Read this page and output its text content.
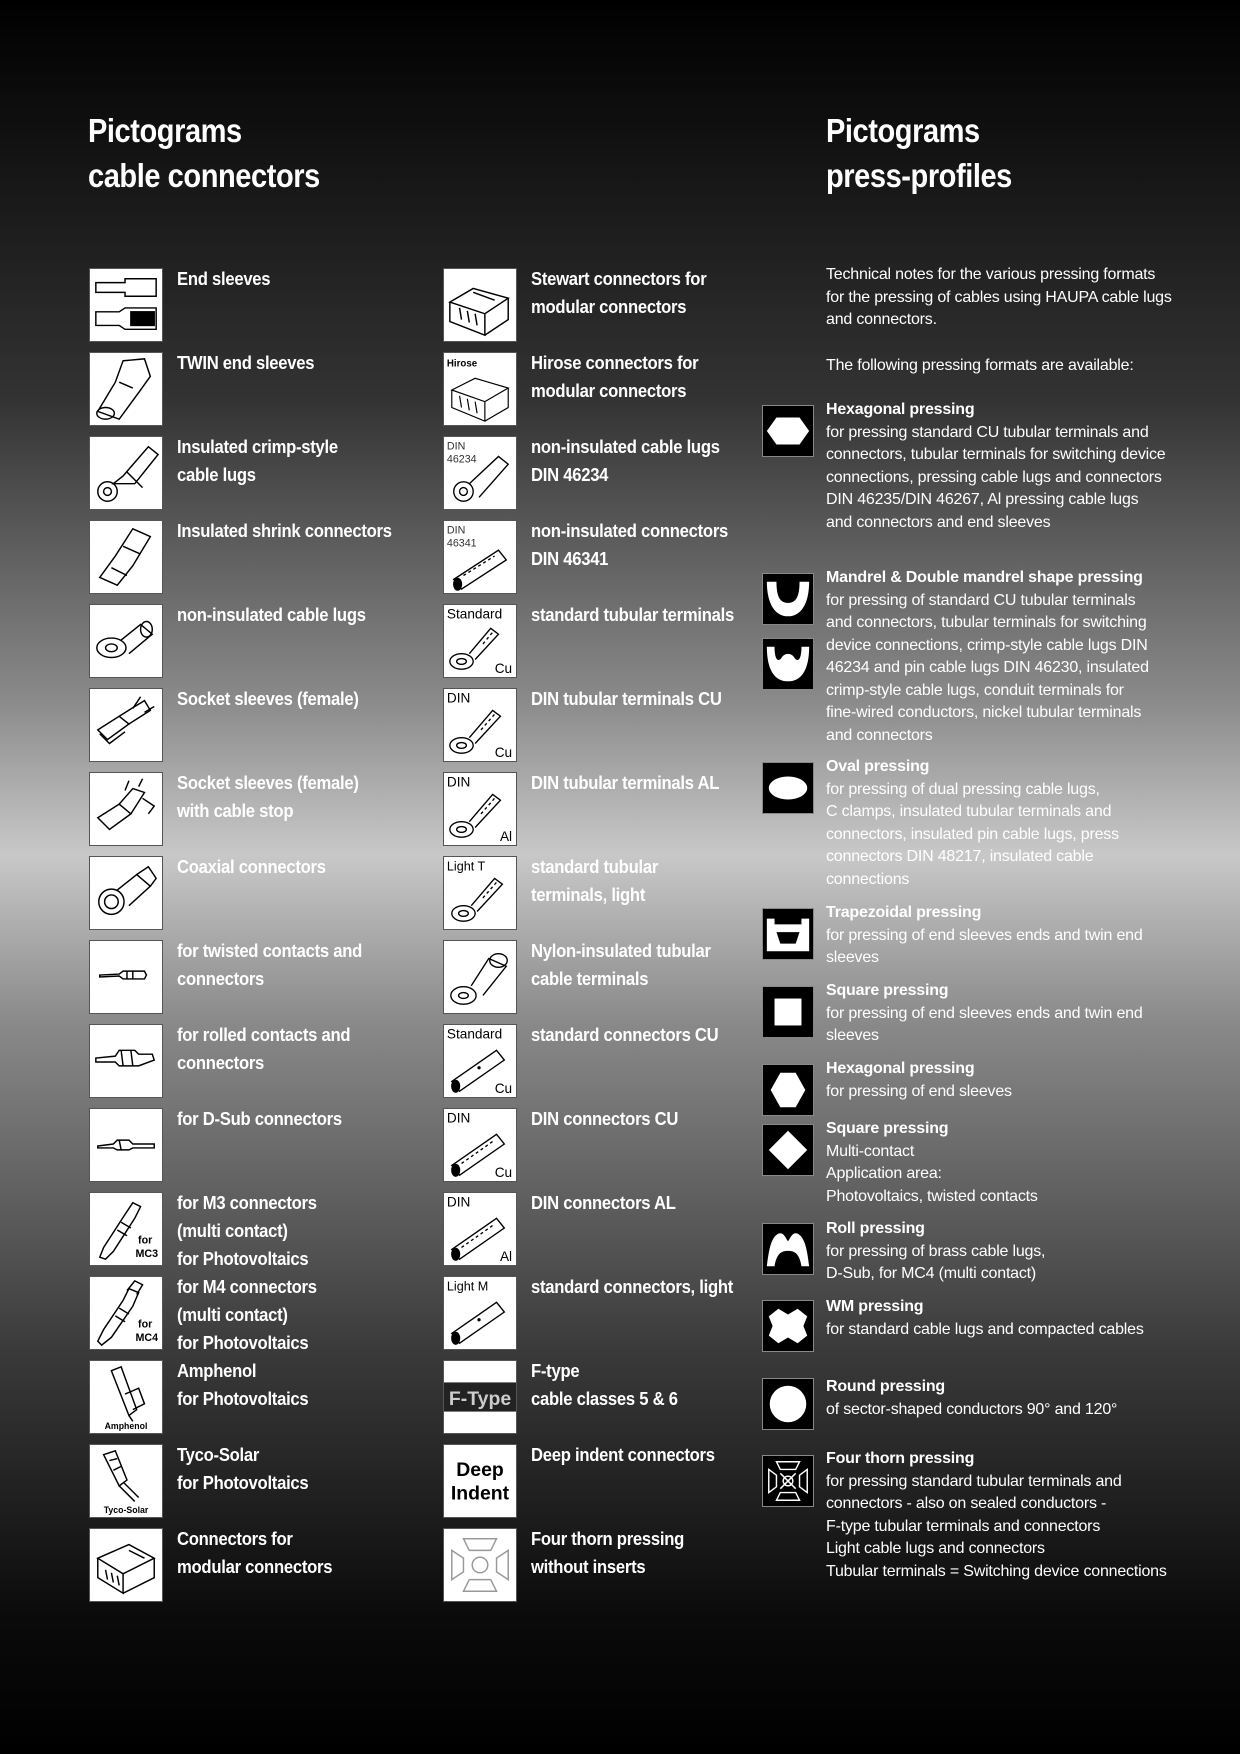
Pictograms
cable connectors
Pictograms
press-profiles
End sleeves
TWIN end sleeves
Insulated crimp-style
cable lugs
Insulated shrink connectors
non-insulated cable lugs
Socket sleeves (female)
Socket sleeves (female)
with cable stop
Coaxial connectors
for twisted contacts and
connectors
for rolled contacts and
connectors
for D-Sub connectors
for
MC3
for M3 connectors
(multi contact)
for Photovoltaics
for
MC4
for M4 connectors
(multi contact)
for Photovoltaics
Amphenol
Amphenol
for Photovoltaics
Tyco-Solar
Tyco-Solar
for Photovoltaics
Connectors for
modular connectors
Stewart connectors for
modular connectors
Hirose	Hirose connectors for
modular connectors
DIN
46234
non-insulated cable lugs
DIN 46234
DIN
46341
non-insulated connectors
DIN 46341
Standard
Cu
standard tubular terminals
DIN
Cu
DIN tubular terminals CU
DIN
Al
DIN tubular terminals AL
Light T standard tubular
terminals, light
Nylon-insulated tubular
cable terminals
Standard
Cu
standard connectors CU
DIN
Cu
DIN connectors CU
DIN
Al
DIN connectors AL
Light M standard connectors, light
F-Type
F-type
cable classes 5 & 6
Deep
Indent
Deep indent connectors
Four thorn pressing
without inserts

Technical notes for the various pressing formats
for the pressing of cables using HAUPA cable lugs
and connectors.

The following pressing formats are available:

Hexagonal pressing
for pressing standard CU tubular terminals and
connectors, tubular terminals for switching device
connections, pressing cable lugs and connectors
DIN 46235/DIN 46267, Al pressing cable lugs
and connectors and end sleeves
Mandrel & Double mandrel shape pressing
for pressing of standard CU tubular terminals
and connectors, tubular terminals for switching
device connections, crimp-style cable lugs DIN
46234 and pin cable lugs DIN 46230, insulated
crimp-style cable lugs, conduit terminals for
fine-wired conductors, nickel tubular terminals
and connectors
Oval pressing
for pressing of dual pressing cable lugs,
C clamps, insulated tubular terminals and
connectors, insulated pin cable lugs, press
connectors DIN 48217, insulated cable
connections
Trapezoidal pressing
for pressing of end sleeves ends and twin end
sleeves
Square pressing
for pressing of end sleeves ends and twin end
sleeves
Hexagonal pressing
for pressing of end sleeves
Square pressing
Multi-contact
Application area:
Photovoltaics, twisted contacts
Roll pressing
for pressing of brass cable lugs,
D-Sub, for MC4 (multi contact)
WM pressing
for standard cable lugs and compacted cables
Round pressing
of sector-shaped conductors 90° and 120°
Four thorn pressing
for pressing standard tubular terminals and
connectors - also on sealed conductors -
F-type tubular terminals and connectors
Light cable lugs and connectors
Tubular terminals = Switching device connections
